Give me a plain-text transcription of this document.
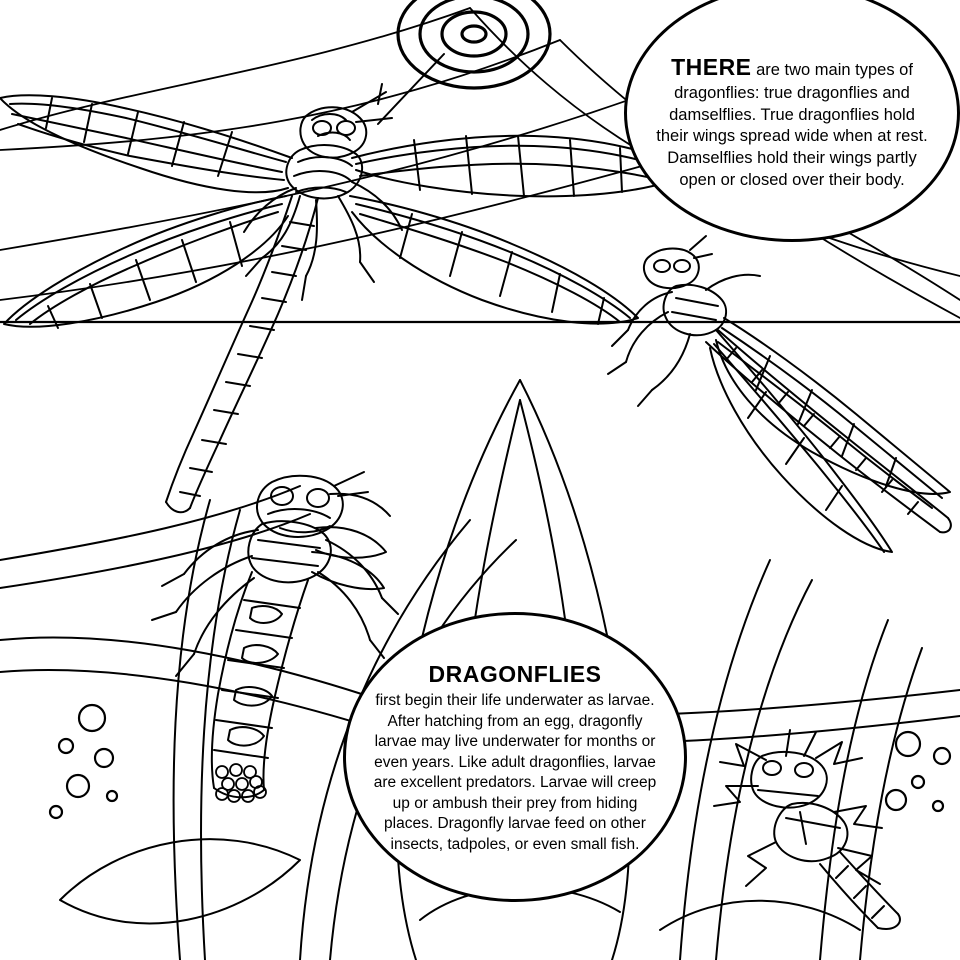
THERE are two main types of dragonflies: true dragonflies and damselflies. True dragonflies hold their wings spread wide when at rest. Damselflies hold their wings partly open or closed over their body.
DRAGONFLIES
first begin their life underwater as larvae. After hatching from an egg, dragonfly larvae may live underwater for months or even years. Like adult dragonflies, larvae are excellent predators. Larvae will creep up or ambush their prey from hiding places. Dragonfly larvae feed on other insects, tadpoles, or even small fish.
